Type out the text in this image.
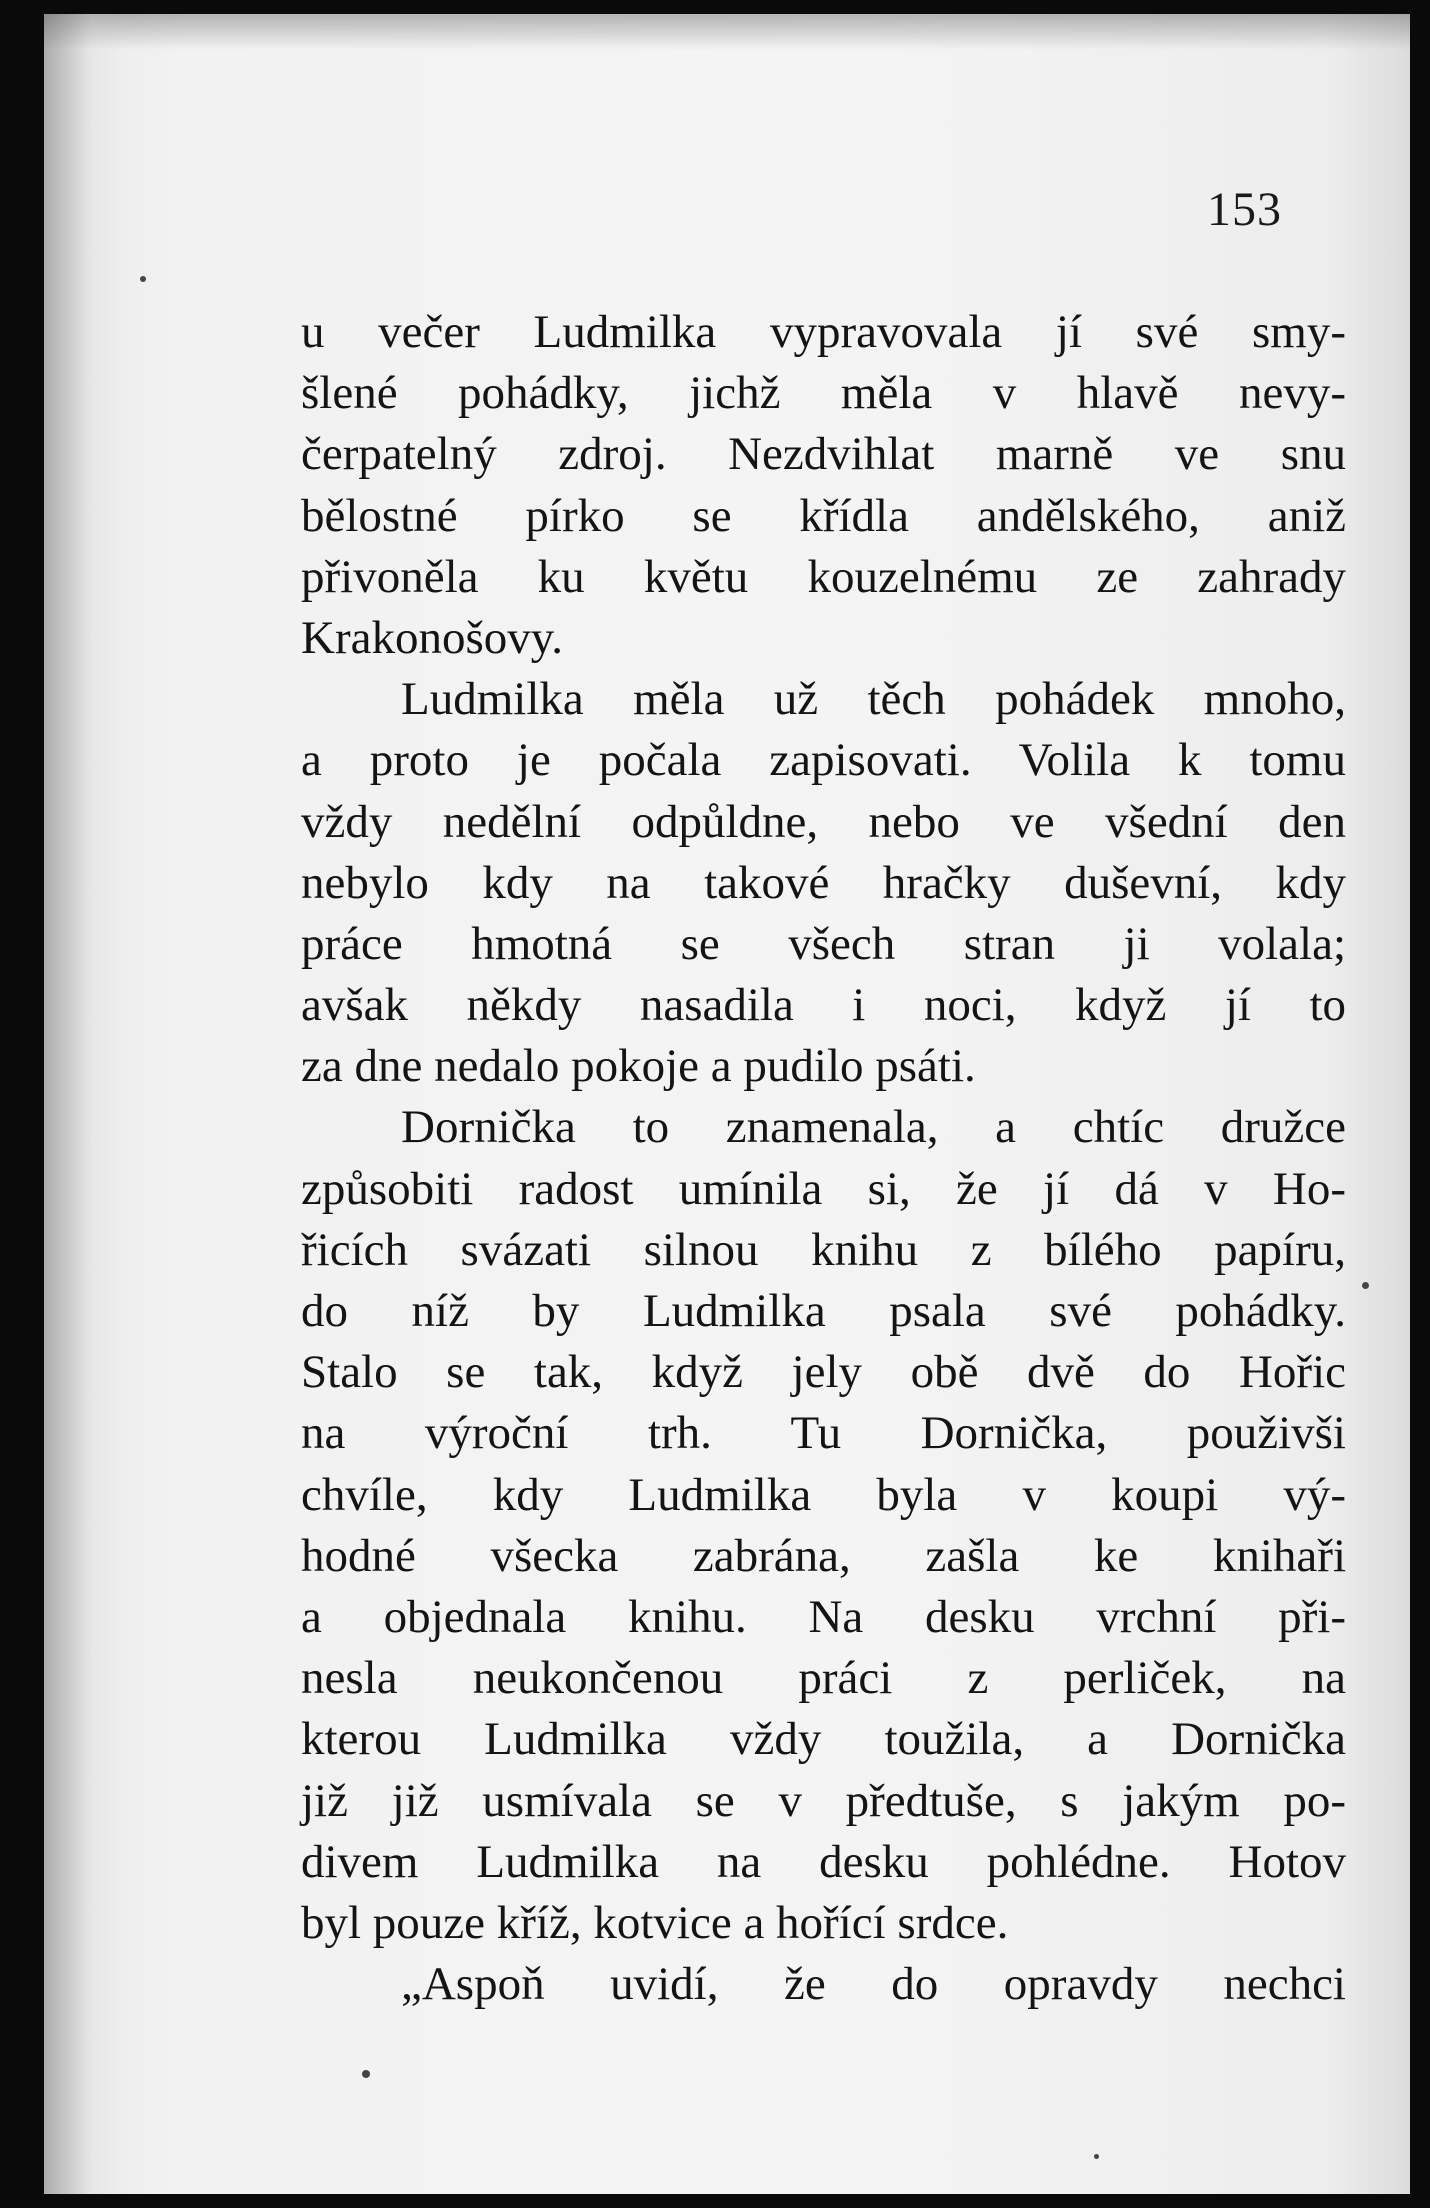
153
u večer Ludmilka vypravovala jí své smy-
šlené pohádky, jichž měla v hlavě nevy-
čerpatelný zdroj. Nezdvihlat marně ve snu
bělostné pírko se křídla andělského, aniž
přivoněla ku květu kouzelnému ze zahrady
Krakonošovy.
Ludmilka měla už těch pohádek mnoho,
a proto je počala zapisovati. Volila k tomu
vždy nedělní odpůldne, nebo ve všední den
nebylo kdy na takové hračky duševní, kdy
práce hmotná se všech stran ji volala;
avšak někdy nasadila i noci, když jí to
za dne nedalo pokoje a pudilo psáti.
Dornička to znamenala, a chtíc družce
způsobiti radost umínila si, že jí dá v Ho-
řicích svázati silnou knihu z bílého papíru,
do níž by Ludmilka psala své pohádky.
Stalo se tak, když jely obě dvě do Hořic
na výroční trh. Tu Dornička, použivši
chvíle, kdy Ludmilka byla v koupi vý-
hodné všecka zabrána, zašla ke knihaři
a objednala knihu. Na desku vrchní při-
nesla neukončenou práci z perliček, na
kterou Ludmilka vždy toužila, a Dornička
již již usmívala se v předtuše, s jakým po-
divem Ludmilka na desku pohlédne. Hotov
byl pouze kříž, kotvice a hořící srdce.
„Aspoň uvidí, že do opravdy nechci
